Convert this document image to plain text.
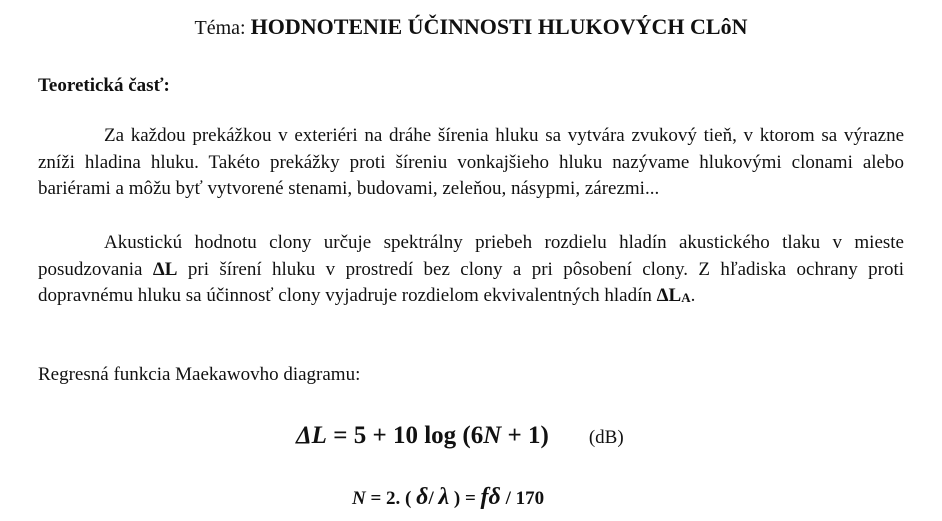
Téma: HODNOTENIE ÚČINNOSTI HLUKOVÝCH CLôN
Teoretická časť:
Za každou prekážkou v exteriéri na dráhe šírenia hluku sa vytvára zvukový tieň, v ktorom sa výrazne zníži hladina hluku. Takéto prekážky proti šíreniu vonkajšieho hluku nazývame hlukovými clonami alebo bariérami a môžu byť vytvorené stenami, budovami, zeleňou, násypmi, zárezmi...
Akustickú hodnotu clony určuje spektrálny priebeh rozdielu hladín akustického tlaku v mieste posudzovania ΔL pri šírení hluku v prostredí bez clony a pri pôsobení clony. Z hľadiska ochrany proti dopravnému hluku sa účinnosť clony vyjadruje rozdielom ekvivalentných hladín ΔLA.
Regresná funkcia Maekawovho diagramu:
ΔL = 5 + 10 log (6N + 1) (dB)
N = 2. ( δ/ λ ) = fδ / 170
